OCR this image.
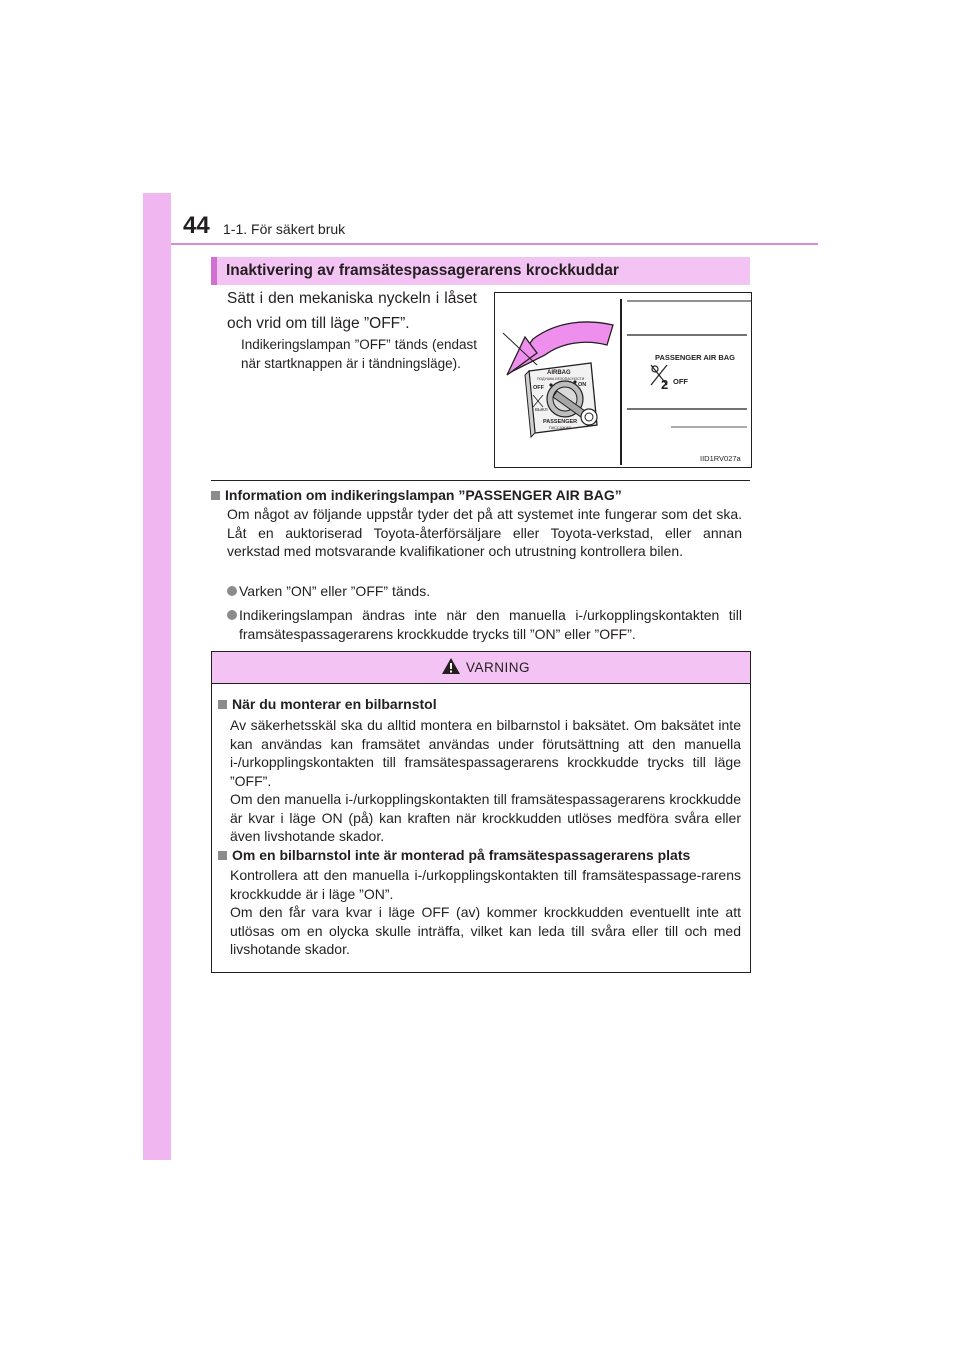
44 1-1. För säkert bruk
Inaktivering av framsätespassagerarens krockkuddar
Sätt i den mekaniska nyckeln i låset och vrid om till läge ”OFF”.
Indikeringslampan ”OFF” tänds (endast när startknappen är i tändningsläge).
2
PASSENGER AIR BAG
OFF
AIRBAG
ПОДУШКА БЕЗОПАСНОСТИ
OFF	ON
ВЫКЛ
PASSENGER
ПАССАЖИР
IID1RV027a
Information om indikeringslampan ”PASSENGER AIR BAG”
Om något av följande uppstår tyder det på att systemet inte fungerar som det ska. Låt en auktoriserad Toyota-återförsäljare eller Toyota-verkstad, eller annan verkstad med motsvarande kvalifikationer och utrustning kontrollera bilen.
Varken ”ON” eller ”OFF” tänds.
Indikeringslampan ändras inte när den manuella i-/urkopplingskontakten till framsätespassagerarens krockkudde trycks till ”ON” eller ”OFF”.
VARNING
När du monterar en bilbarnstol
Av säkerhetsskäl ska du alltid montera en bilbarnstol i baksätet. Om baksätet inte kan användas kan framsätet användas under förutsättning att den manuella i-/urkopplingskontakten till framsätespassagerarens krockkudde trycks till läge ”OFF”.
Om den manuella i-/urkopplingskontakten till framsätespassagerarens krockkudde är kvar i läge ON (på) kan kraften när krockkudden utlöses medföra svåra eller även livshotande skador.
Om en bilbarnstol inte är monterad på framsätespassagerarens plats
Kontrollera att den manuella i-/urkopplingskontakten till framsätespassage-rarens krockkudde är i läge ”ON”.
Om den får vara kvar i läge OFF (av) kommer krockkudden eventuellt inte att utlösas om en olycka skulle inträffa, vilket kan leda till svåra eller till och med livshotande skador.
